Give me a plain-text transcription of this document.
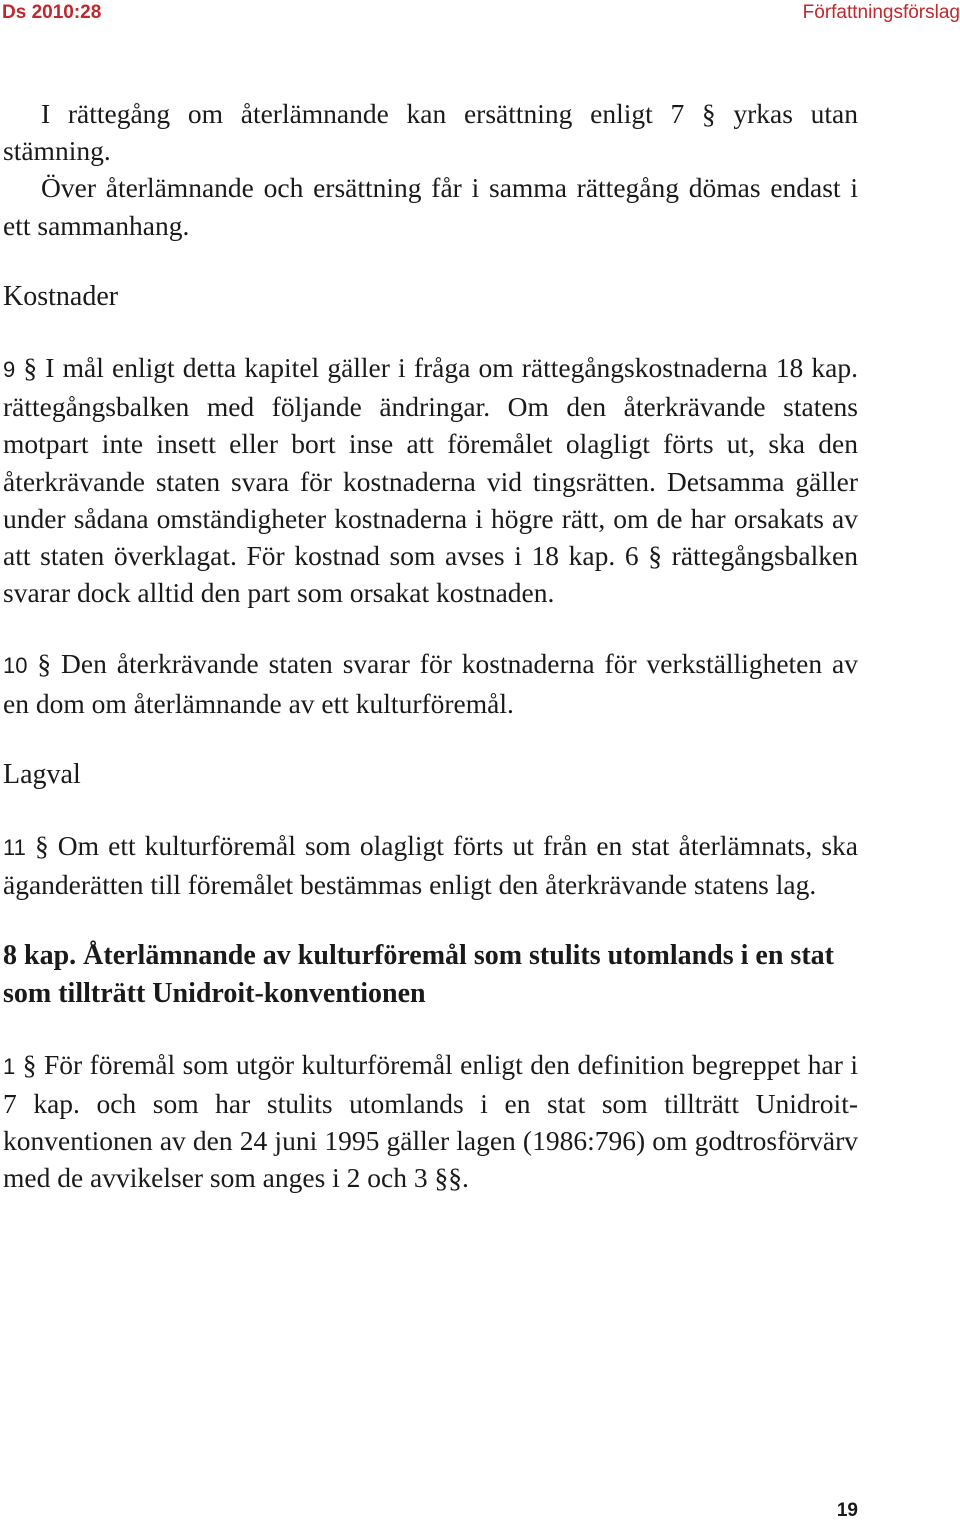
Ds 2010:28	Författningsförslag

I rättegång om återlämnande kan ersättning enligt 7 § yrkas utan stämning.

Över återlämnande och ersättning får i samma rättegång dömas endast i ett sammanhang.

Kostnader

9 § I mål enligt detta kapitel gäller i fråga om rättegångskostnaderna 18 kap. rättegångsbalken med följande ändringar. Om den återkrävande statens motpart inte insett eller bort inse att föremålet olagligt förts ut, ska den återkrävande staten svara för kostnaderna vid tingsrätten. Detsamma gäller under sådana omständigheter kostnaderna i högre rätt, om de har orsakats av att staten överklagat. För kostnad som avses i 18 kap. 6 § rättegångsbalken svarar dock alltid den part som orsakat kostnaden.

10 § Den återkrävande staten svarar för kostnaderna för verkställigheten av en dom om återlämnande av ett kulturföremål.

Lagval

11 § Om ett kulturföremål som olagligt förts ut från en stat återlämnats, ska äganderätten till föremålet bestämmas enligt den återkrävande statens lag.

8 kap. Återlämnande av kulturföremål som stulits utomlands i en stat som tillträtt Unidroit-konventionen

1 § För föremål som utgör kulturföremål enligt den definition begreppet har i 7 kap. och som har stulits utomlands i en stat som tillträtt Unidroit-konventionen av den 24 juni 1995 gäller lagen (1986:796) om godtrosförvärv med de avvikelser som anges i 2 och 3 §§.

19
